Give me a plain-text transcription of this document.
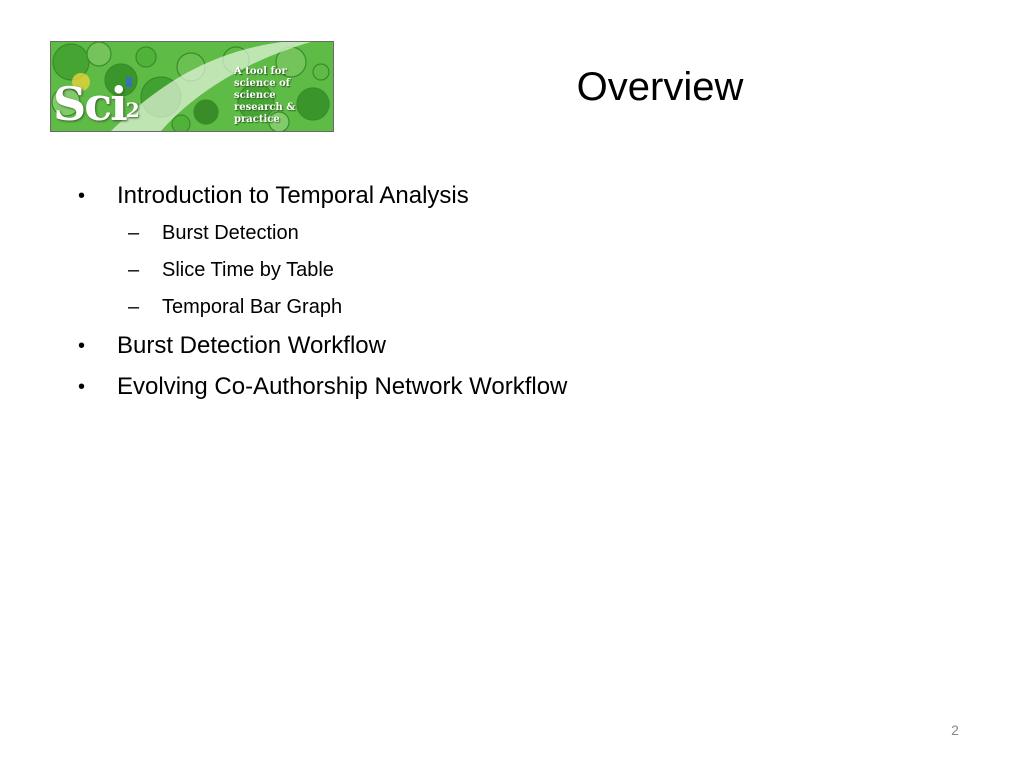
Sci$^2$
A tool for
science of science
research & practice
Overview
•	Introduction to Temporal Analysis
– Burst Detection
– Slice Time by Table
– Temporal Bar Graph
•	Burst Detection Workflow
•	Evolving Co-Authorship Network Workflow
2
